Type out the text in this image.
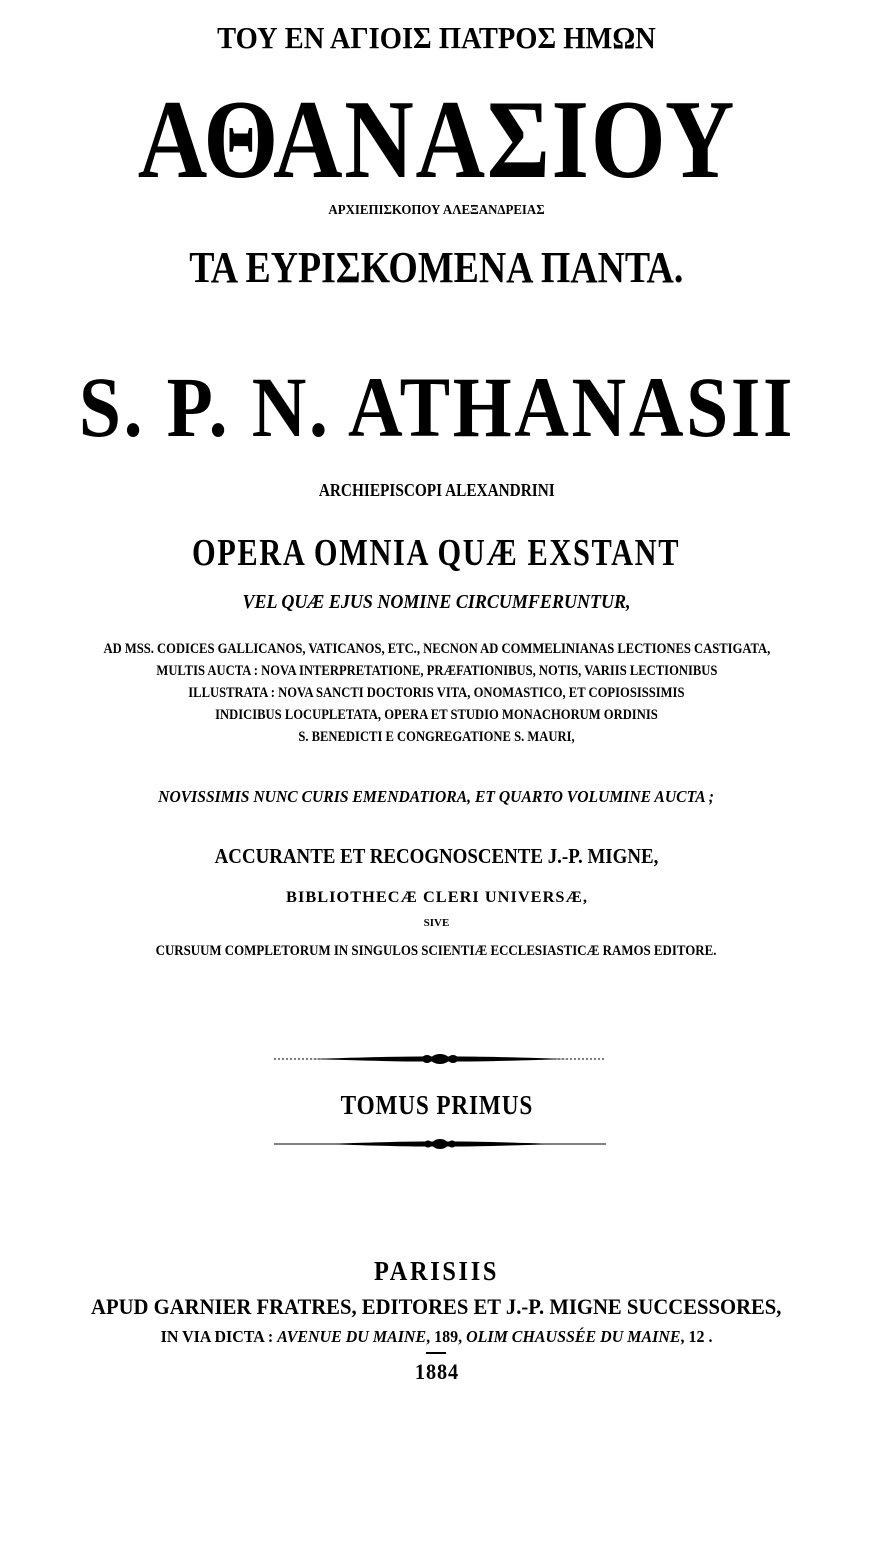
ΤΟΥ ΕΝ ΑΓΙΟΙΣ ΠΑΤΡΟΣ ΗΜΩΝ
ΑΘΑΝΑΣΙΟΥ
ΑΡΧΙΕΠΙΣΚΟΠΟΥ ΑΛΕΞΑΝΔΡΕΙΑΣ
ΤΑ ΕΥΡΙΣΚΟΜΕΝΑ ΠΑΝΤΑ.
S. P. N. ATHANASII
ARCHIEPISCOPI ALEXANDRINI
OPERA OMNIA QUÆ EXSTANT
VEL QUÆ EJUS NOMINE CIRCUMFERUNTUR,
AD MSS. CODICES GALLICANOS, VATICANOS, ETC., NECNON AD COMMELINIANAS LECTIONES CASTIGATA,
MULTIS AUCTA : NOVA INTERPRETATIONE, PRÆFATIONIBUS, NOTIS, VARIIS LECTIONIBUS
ILLUSTRATA : NOVA SANCTI DOCTORIS VITA, ONOMASTICO, ET COPIOSISSIMIS
INDICIBUS LOCUPLETATA, OPERA ET STUDIO MONACHORUM ORDINIS
S. BENEDICTI E CONGREGATIONE S. MAURI,
NOVISSIMIS NUNC CURIS EMENDATIORA, ET QUARTO VOLUMINE AUCTA ;
ACCURANTE ET RECOGNOSCENTE J.-P. MIGNE,
BIBLIOTHECÆ CLERI UNIVERSÆ,
SIVE
CURSUUM COMPLETORUM IN SINGULOS SCIENTIÆ ECCLESIASTICÆ RAMOS EDITORE.
TOMUS PRIMUS
PARISIIS
APUD GARNIER FRATRES, EDITORES ET J.-P. MIGNE SUCCESSORES,
IN VIA DICTA : AVENUE DU MAINE, 189, OLIM CHAUSSÉE DU MAINE, 12 .
1884
